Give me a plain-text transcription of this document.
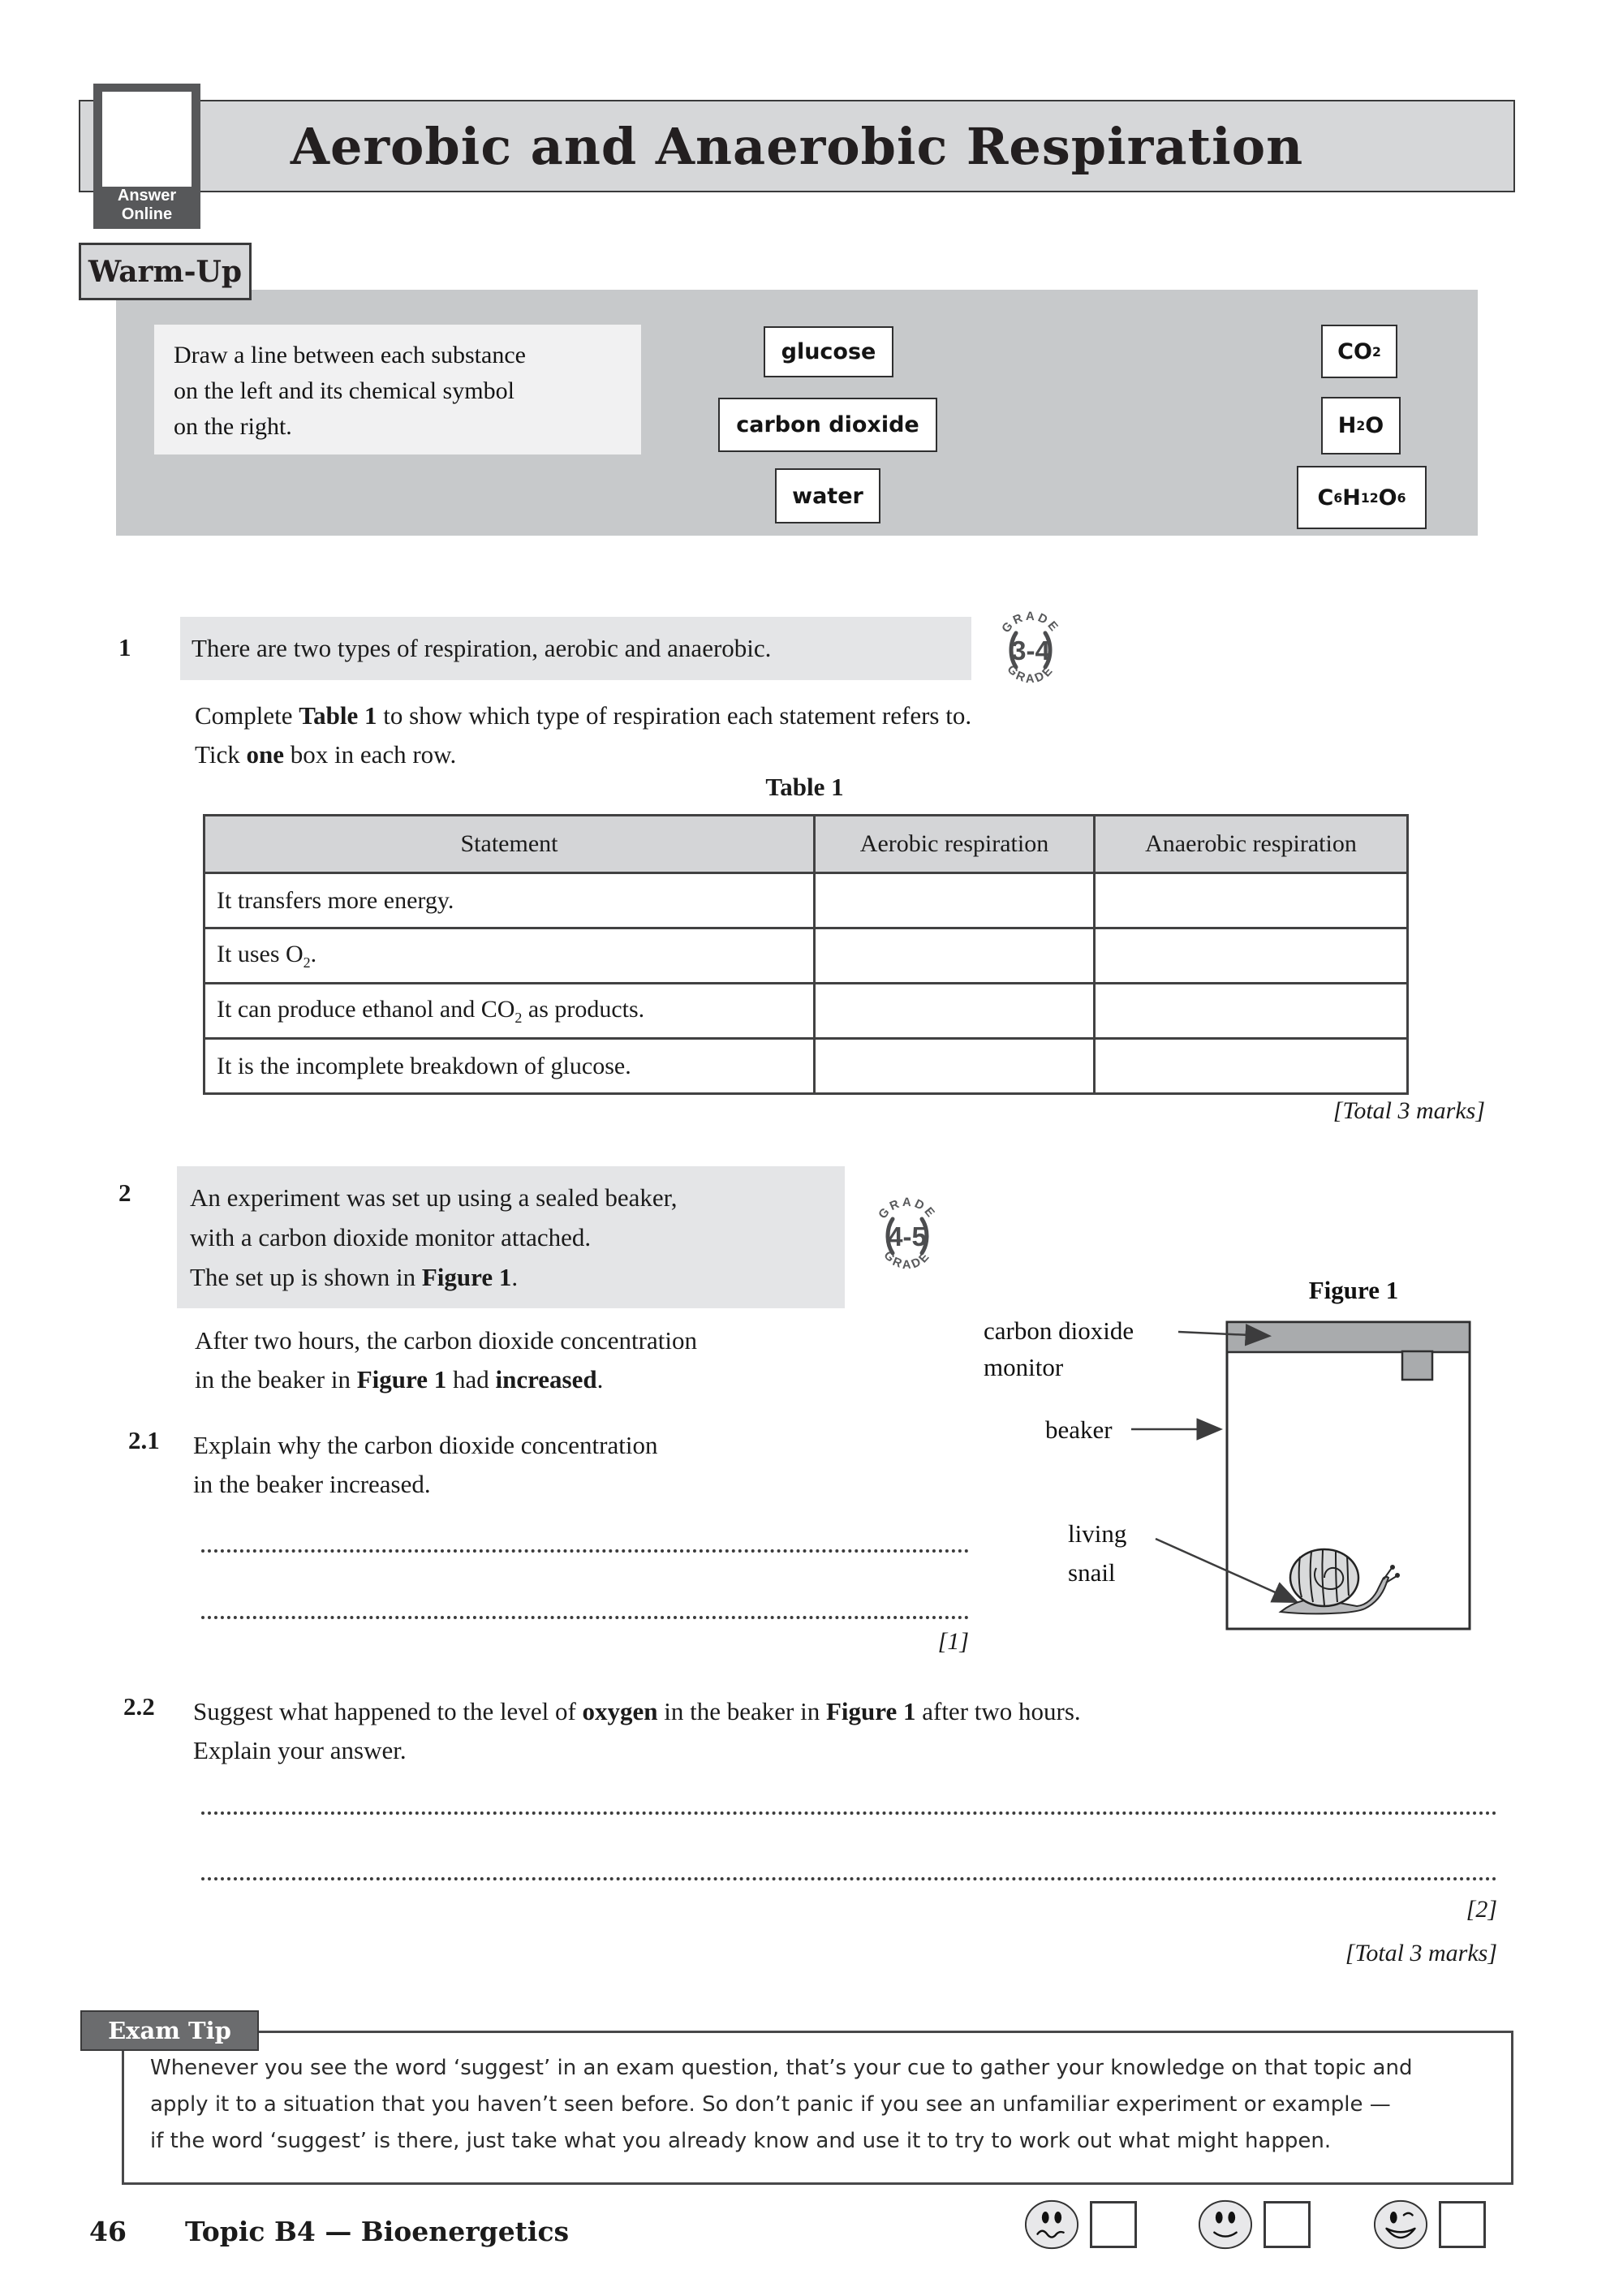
Aerobic and Anaerobic Respiration
Answer
Online
Warm-Up
Draw a line between each substance
on the left and its chemical symbol
on the right.
glucose
carbon dioxide
water
CO 2
H 2 O
C 6 H 12 O 6
1 There are two types of respiration, aerobic and anaerobic.
GRADE
GRADE
3-4
Complete Table 1 to show which type of respiration each statement refers to.
Tick one box in each row.
Table 1
Statement	Aerobic respiration	Anaerobic respiration
It transfers more energy.		
It uses $O_2$.		
It can produce ethanol and $CO_2$ as products.		
It is the incomplete breakdown of glucose.		
[Total 3 marks]
2 An experiment was set up using a sealed beaker,
with a carbon dioxide monitor attached.
The set up is shown in Figure 1.
GRADE
GRADE
4-5
After two hours, the carbon dioxide concentration
in the beaker in Figure 1 had increased.
2.1 Explain why the carbon dioxide concentration
in the beaker increased.
[1]
Figure 1
carbon dioxide
monitor
beaker
living
snail
2.2 Suggest what happened to the level of oxygen in the beaker in Figure 1 after two hours.
Explain your answer.
[2]
[Total 3 marks]
Exam Tip
Whenever you see the word ‘suggest’ in an exam question, that’s your cue to gather your knowledge on that topic and
apply it to a situation that you haven’t seen before. So don’t panic if you see an unfamiliar experiment or example —
if the word ‘suggest’ is there, just take what you already know and use it to try to work out what might happen.
46 Topic B4 — Bioenergetics
